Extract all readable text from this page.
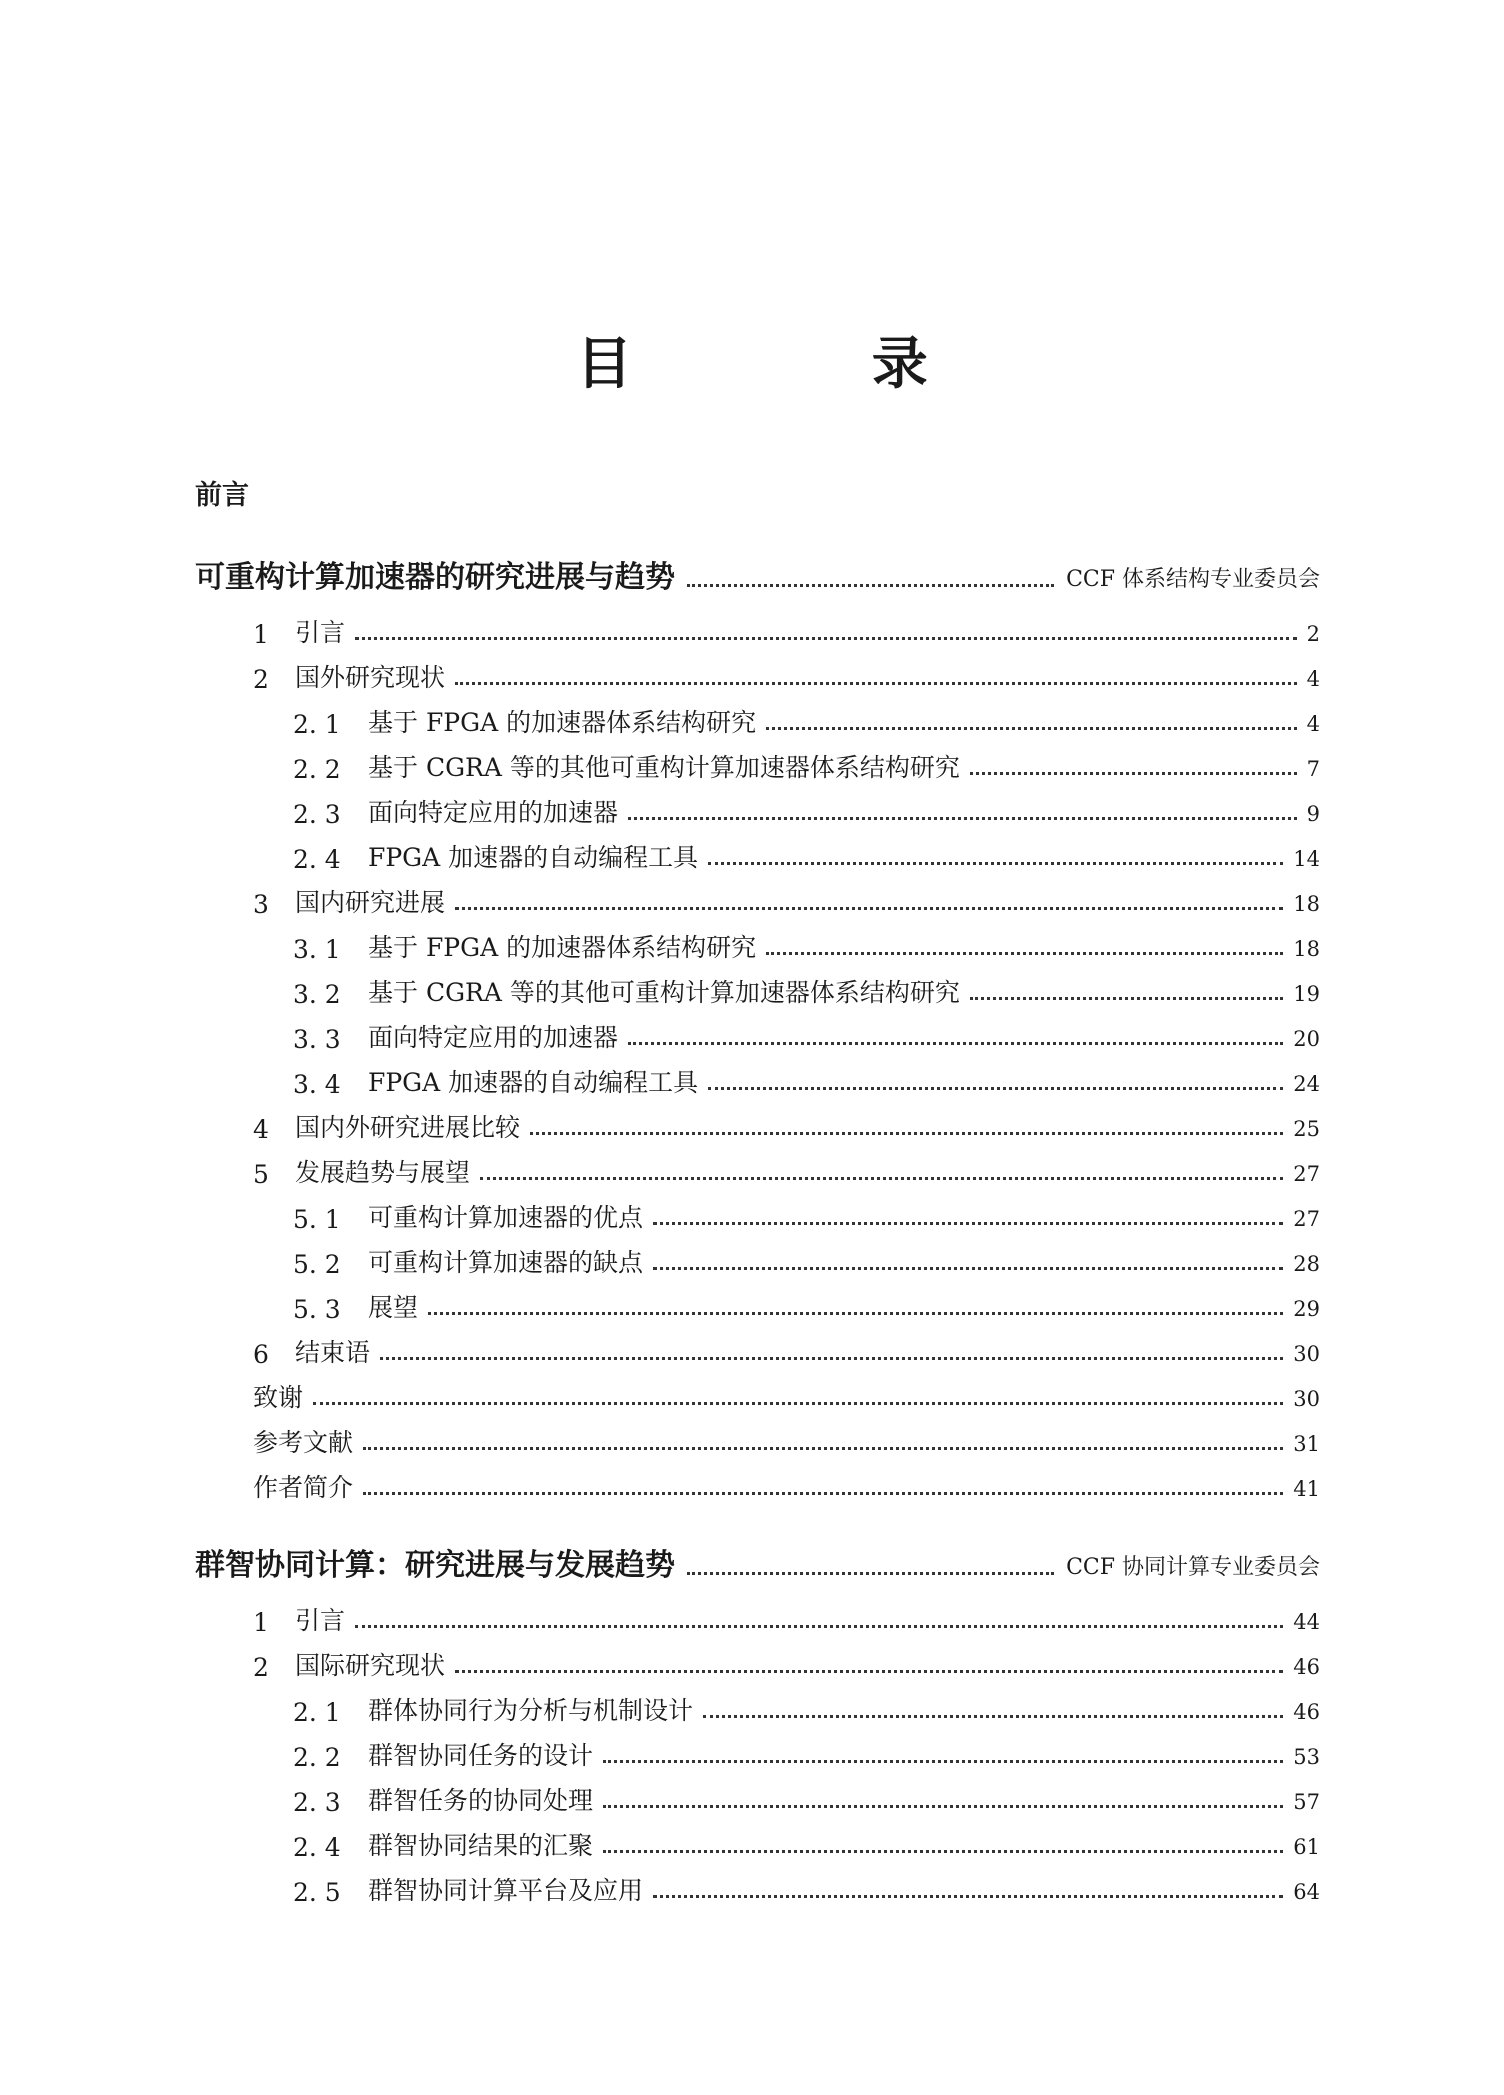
目 录
前言
可重构计算加速器的研究进展与趋势	CCF 体系结构专业委员会
1	引言	2
2	国外研究现状	4
2. 1	基于 FPGA 的加速器体系结构研究	4
2. 2	基于 CGRA 等的其他可重构计算加速器体系结构研究	7
2. 3	面向特定应用的加速器	9
2. 4	FPGA 加速器的自动编程工具	14
3	国内研究进展	18
3. 1	基于 FPGA 的加速器体系结构研究	18
3. 2	基于 CGRA 等的其他可重构计算加速器体系结构研究	19
3. 3	面向特定应用的加速器	20
3. 4	FPGA 加速器的自动编程工具	24
4	国内外研究进展比较	25
5	发展趋势与展望	27
5. 1	可重构计算加速器的优点	27
5. 2	可重构计算加速器的缺点	28
5. 3	展望	29
6	结束语	30
致谢	30
参考文献	31
作者简介	41
群智协同计算：研究进展与发展趋势	CCF 协同计算专业委员会
1	引言	44
2	国际研究现状	46
2. 1	群体协同行为分析与机制设计	46
2. 2	群智协同任务的设计	53
2. 3	群智任务的协同处理	57
2. 4	群智协同结果的汇聚	61
2. 5	群智协同计算平台及应用	64
